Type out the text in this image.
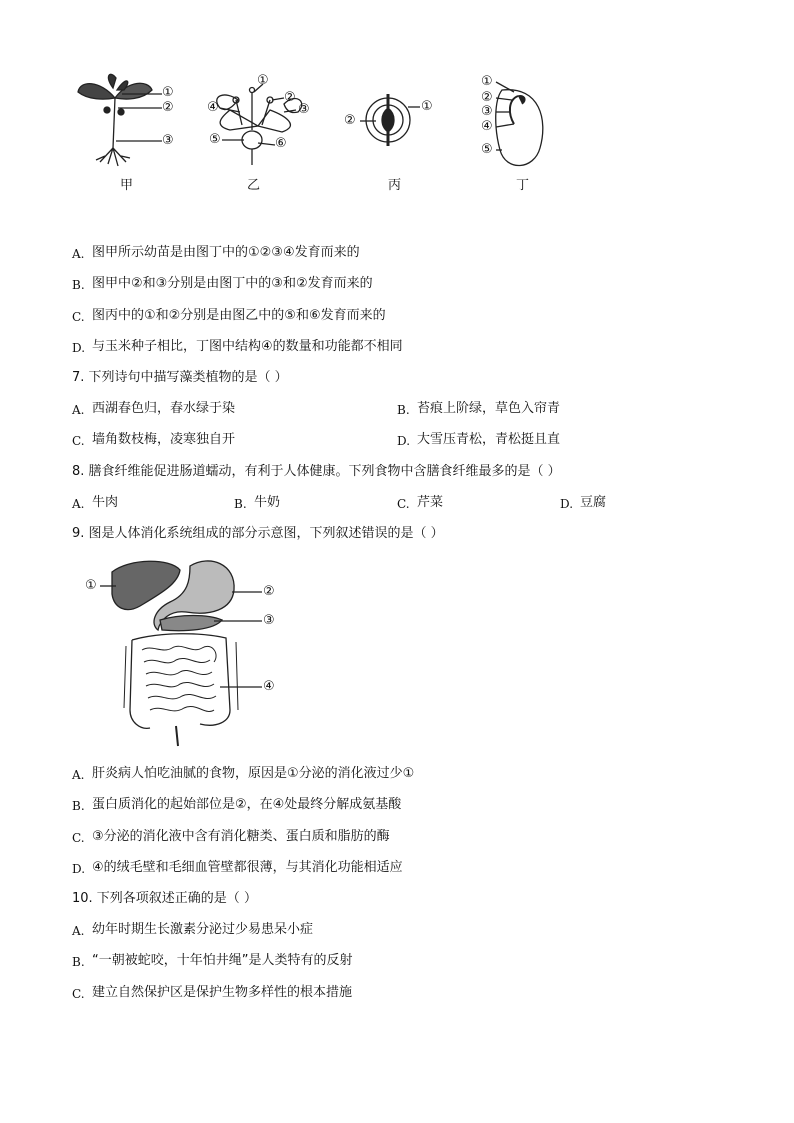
①
②
③
①
②
③
④
⑤	⑥
①
②
①
②
③
④
⑤
甲	乙	丙	丁
A. 图甲所示幼苗是由图丁中的①②③④发育而来的
B. 图甲中②和③分别是由图丁中的③和②发育而来的
C. 图丙中的①和②分别是由图乙中的⑤和⑥发育而来的
D. 与玉米种子相比，丁图中结构④的数量和功能都不相同
7. 下列诗句中描写藻类植物的是（ ）
A. 西湖春色归，春水绿于染	B. 苔痕上阶绿，草色入帘青
C. 墙角数枝梅，凌寒独自开	D. 大雪压青松，青松挺且直
8. 膳食纤维能促进肠道蠕动，有利于人体健康。下列食物中含膳食纤维最多的是（ ）
A. 牛肉	B. 牛奶	C. 芹菜	D. 豆腐
9. 图是人体消化系统组成的部分示意图，下列叙述错误的是（ ）
①	②
③
④
A. 肝炎病人怕吃油腻的食物，原因是①分泌的消化液过少①
B. 蛋白质消化的起始部位是②，在④处最终分解成氨基酸
C. ③分泌的消化液中含有消化糖类、蛋白质和脂肪的酶
D. ④的绒毛壁和毛细血管壁都很薄，与其消化功能相适应
10. 下列各项叙述正确的是（ ）
A. 幼年时期生长激素分泌过少易患呆小症
B. “一朝被蛇咬，十年怕井绳”是人类特有的反射
C. 建立自然保护区是保护生物多样性的根本措施
